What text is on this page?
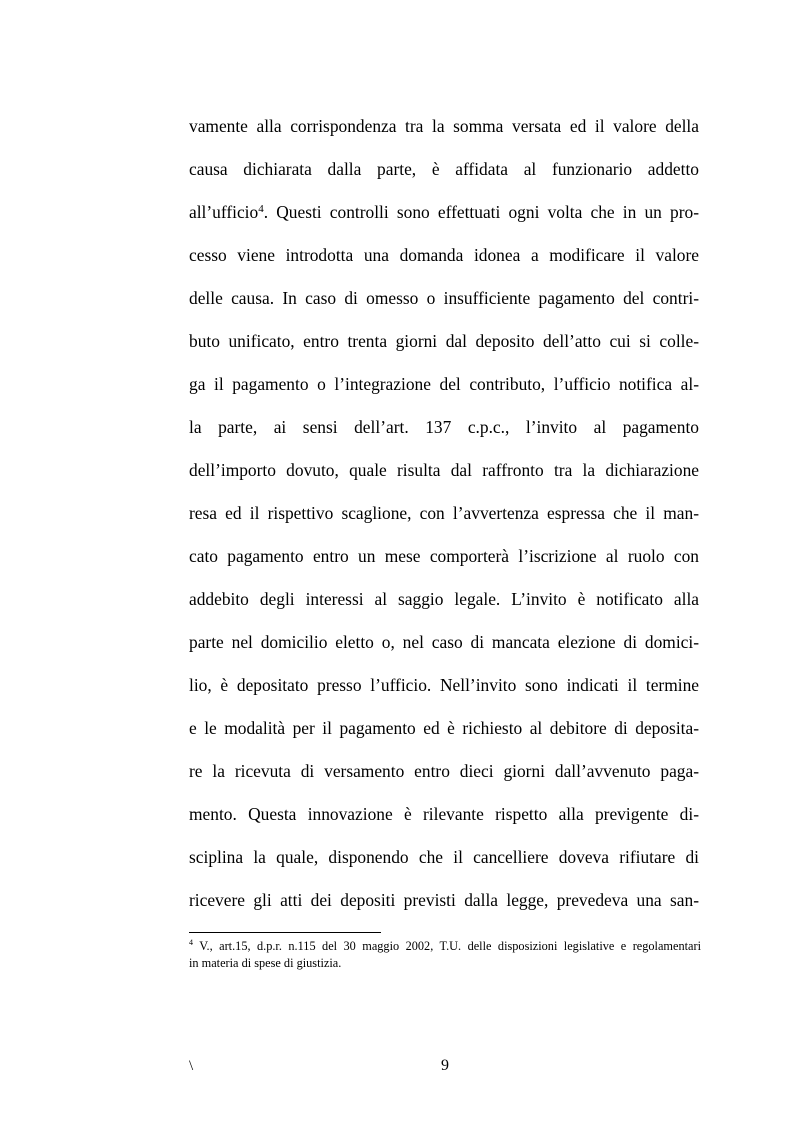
vamente alla corrispondenza tra la somma versata ed il valore della
causa dichiarata dalla parte, è affidata al funzionario addetto
all’ufficio$^4$. Questi controlli sono effettuati ogni volta che in un pro-
cesso viene introdotta una domanda idonea a modificare il valore
delle causa. In caso di omesso o insufficiente pagamento del contri-
buto unificato, entro trenta giorni dal deposito dell’atto cui si colle-
ga il pagamento o l’integrazione del contributo, l’ufficio notifica al-
la parte, ai sensi dell’art. 137 c.p.c., l’invito al pagamento
dell’importo dovuto, quale risulta dal raffronto tra la dichiarazione
resa ed il rispettivo scaglione, con l’avvertenza espressa che il man-
cato pagamento entro un mese comporterà l’iscrizione al ruolo con
addebito degli interessi al saggio legale. L’invito è notificato alla
parte nel domicilio eletto o, nel caso di mancata elezione di domici-
lio, è depositato presso l’ufficio. Nell’invito sono indicati il termine
e le modalità per il pagamento ed è richiesto al debitore di deposita-
re la ricevuta di versamento entro dieci giorni dall’avvenuto paga-
mento. Questa innovazione è rilevante rispetto alla previgente di-
sciplina la quale, disponendo che il cancelliere doveva rifiutare di
ricevere gli atti dei depositi previsti dalla legge, prevedeva una san-
$^4$ V., art.15, d.p.r. n.115 del 30 maggio 2002, T.U. delle disposizioni legislative e regolamentari
in materia di spese di giustizia.
\	9
